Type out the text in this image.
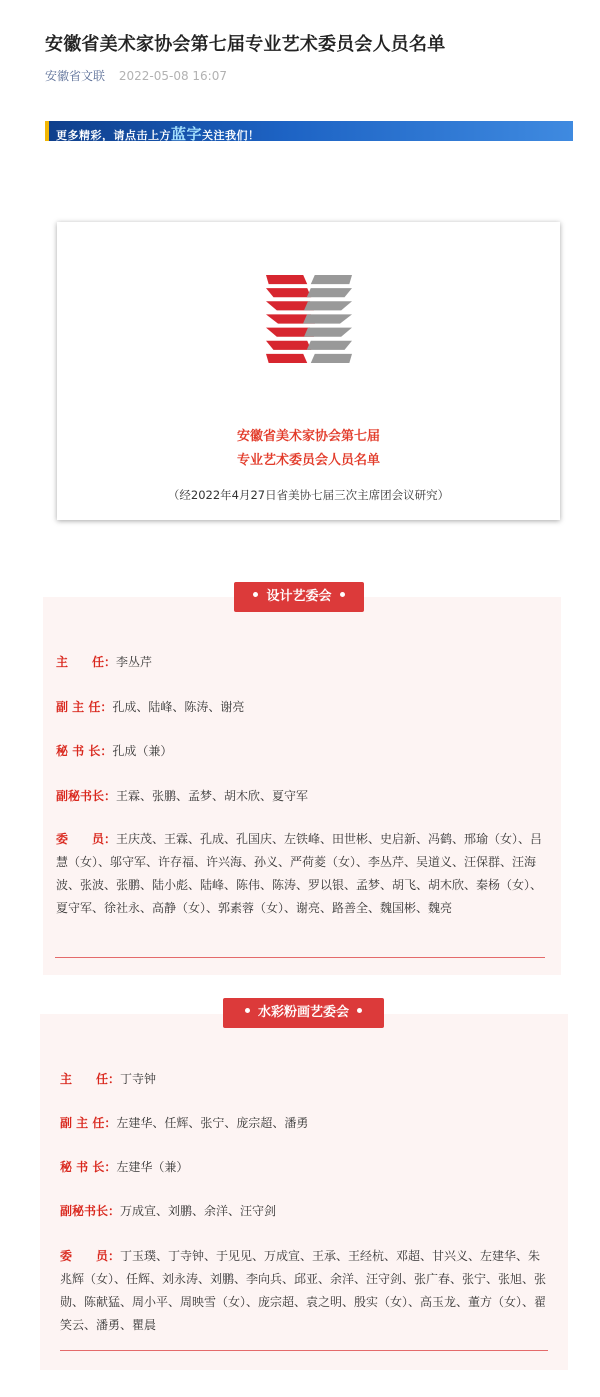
安徽省美术家协会第七届专业艺术委员会人员名单
安徽省文联 2022-05-08 16:07
更多精彩，请点击上方蓝字关注我们！
安徽省美术家协会第七届
专业艺术委员会人员名单
（经2022年4月27日省美协七届三次主席团会议研究）
设计艺委会
主　　任：李丛芹
副 主 任：孔成、陆峰、陈涛、谢亮
秘 书 长：孔成（兼）
副秘书长：王霖、张鹏、孟梦、胡木欣、夏守军
委　　员：王庆茂、王霖、孔成、孔国庆、左铁峰、田世彬、史启新、冯鹤、邢瑜（女）、吕慧（女）、邬守军、许存福、许兴海、孙义、严荷菱（女）、李丛芹、吴道义、汪保群、汪海波、张波、张鹏、陆小彪、陆峰、陈伟、陈涛、罗以银、孟梦、胡飞、胡木欣、秦杨（女）、夏守军、徐社永、高静（女）、郭素蓉（女）、谢亮、路善全、魏国彬、魏亮
水彩粉画艺委会
主　　任：丁寺钟
副 主 任：左建华、任辉、张宁、庞宗超、潘勇
秘 书 长：左建华（兼）
副秘书长：万成宣、刘鹏、余洋、汪守剑
委　　员：丁玉璞、丁寺钟、于见见、万成宣、王承、王经杭、邓超、甘兴义、左建华、朱兆辉（女）、任辉、刘永涛、刘鹏、李向兵、邱亚、余洋、汪守剑、张广春、张宁、张旭、张勋、陈献猛、周小平、周映雪（女）、庞宗超、袁之明、殷实（女）、高玉龙、董方（女）、翟笑云、潘勇、瞿晨
